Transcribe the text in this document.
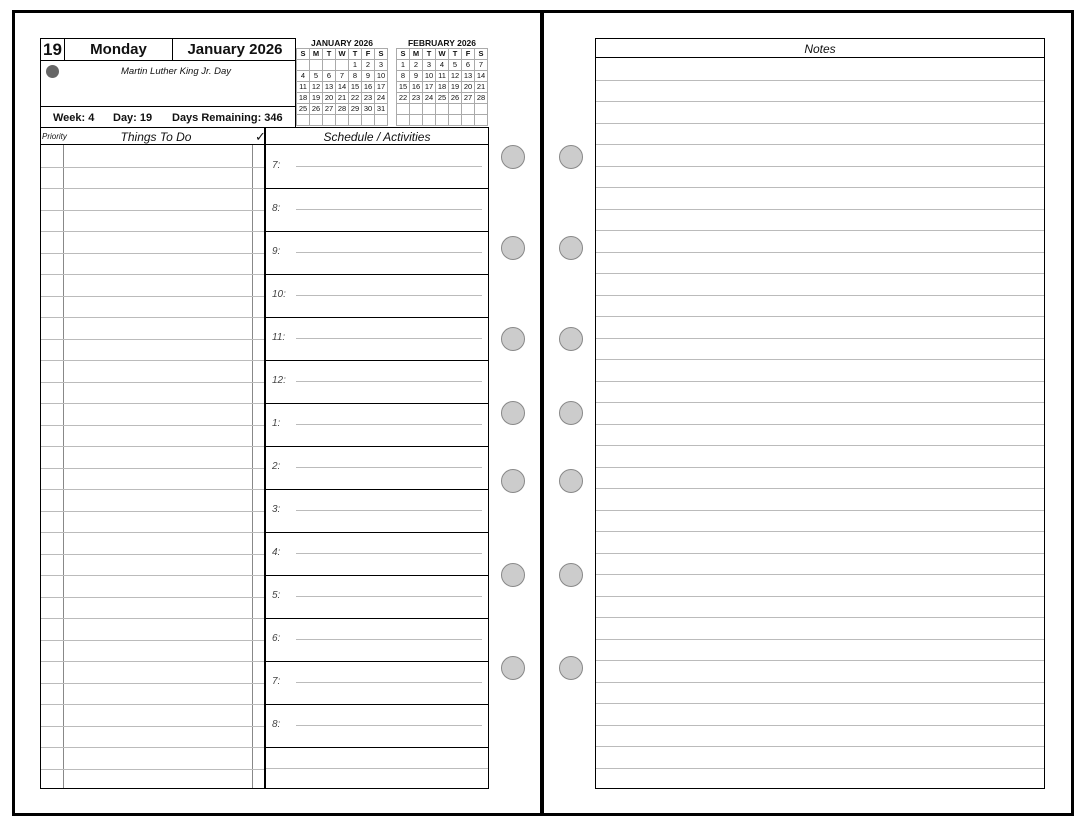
19	Monday	January 2026
Martin Luther King Jr. Day
Week: 4 Day: 19 Days Remaining: 346
JANUARY 2026
S	M	T	W	T	F	S
				1	2	3
4	5	6	7	8	9	10
11	12	13	14	15	16	17
18	19	20	21	22	23	24
25	26	27	28	29	30	31

FEBRUARY 2026
S	M	T	W	T	F	S
1	2	3	4	5	6	7
8	9	10	11	12	13	14
15	16	17	18	19	20	21
22	23	24	25	26	27	28

Priority	Things To Do	✓	Schedule / Activities
7:
8:
9:
10:
11:
12:
1:
2:
3:
4:
5:
6:
7:
8:
Notes
